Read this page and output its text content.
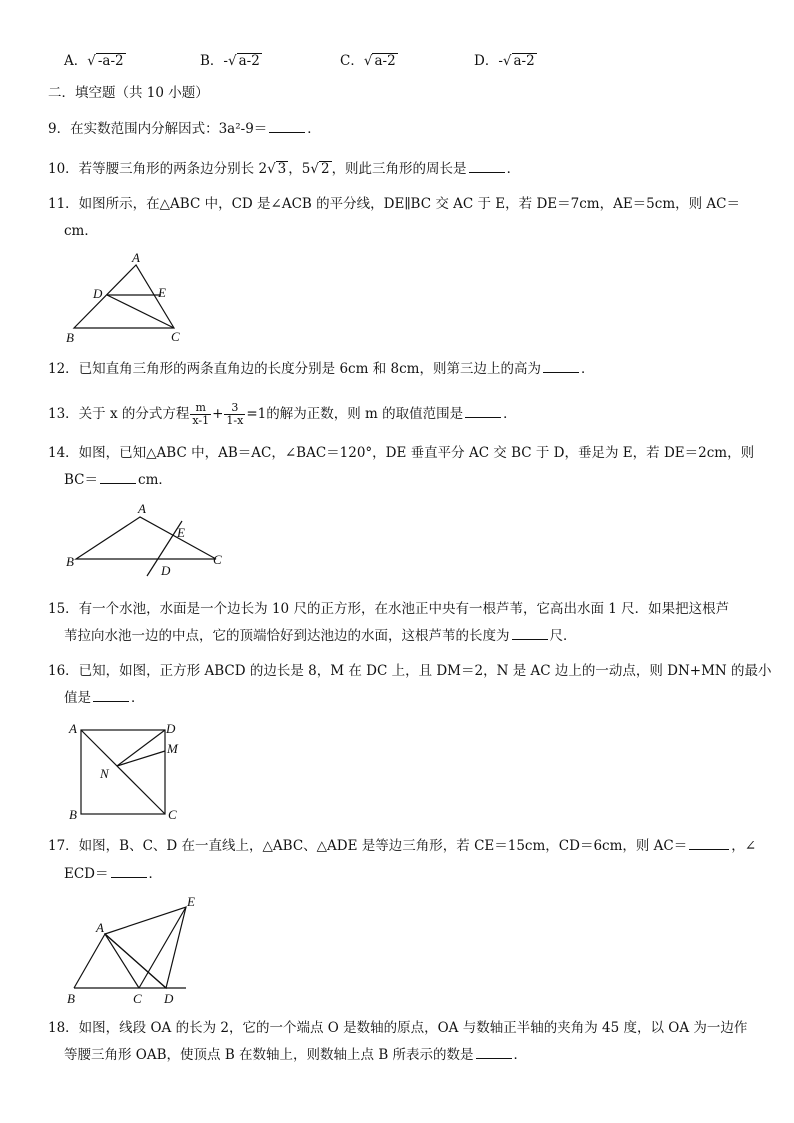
A．√ -a-2	B．-√ a-2	C．√ a-2	D．-√ a-2
二．填空题（共 10 小题）
9．在实数范围内分解因式：3a²-9＝	．
10．若等腰三角形的两条边分别长 2√ 3 ，5√ 2 ，则此三角形的周长是	．
11．如图所示，在△ABC 中，CD 是∠ACB 的平分线，DE∥BC 交 AC 于 E，若 DE＝7cm，AE＝5cm，则 AC＝
cm．
A
B	C
D	E
12．已知直角三角形的两条直角边的长度分别是 6cm 和 8cm，则第三边上的高为	．
13．关于 x 的分式方程 $\frac{m}{x-1} + \frac{3}{1-x} =1$的解为正数，则 m 的取值范围是	．
14．如图，已知△ABC 中，AB＝AC，∠BAC＝120°，DE 垂直平分 AC 交 BC 于 D，垂足为 E，若 DE＝2cm，则
BC＝	cm．
A
B	C
D
E
15．有一个水池，水面是一个边长为 10 尺的正方形，在水池正中央有一根芦苇，它高出水面 1 尺．如果把这根芦
苇拉向水池一边的中点，它的顶端恰好到达池边的水面，这根芦苇的长度为	尺．
16．已知，如图，正方形 ABCD 的边长是 8，M 在 DC 上，且 DM＝2，N 是 AC 边上的一动点，则 DN+MN 的最小
值是	．
A
B	C
D
M
N
17．如图，B、C、D 在一直线上，△ABC、△ADE 是等边三角形，若 CE＝15cm，CD＝6cm，则 AC＝	，∠
ECD＝	．
A
B	C D
E
18．如图，线段 OA 的长为 2，它的一个端点 O 是数轴的原点，OA 与数轴正半轴的夹角为 45 度，以 OA 为一边作
等腰三角形 OAB，使顶点 B 在数轴上，则数轴上点 B 所表示的数是	．
